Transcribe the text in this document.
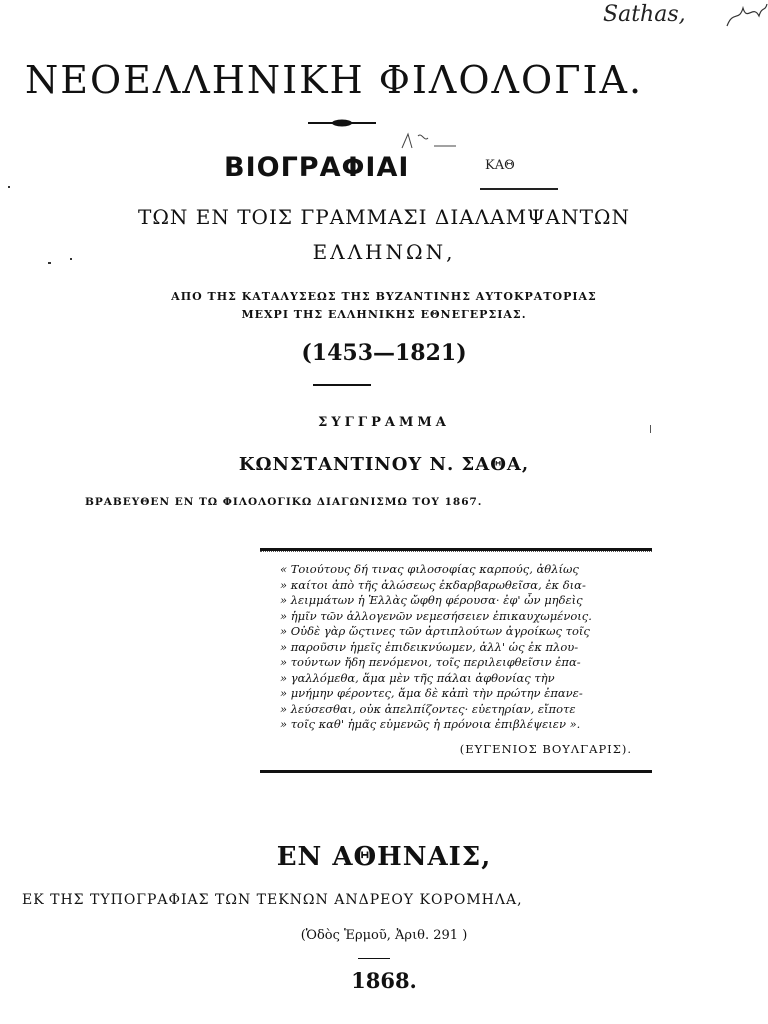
Sathas,
ΚΑΘ
ΝΕΟΕΛΛΗΝΙΚΗ ΦΙΛΟΛΟΓΙΑ.
ΒΙΟΓΡΑΦΙΑΙ
ΤΩΝ ΕΝ ΤΟΙΣ ΓΡΑΜΜΑΣΙ ΔΙΑΛΑΜΨΑΝΤΩΝ
ΕΛΛΗΝΩΝ,
ΑΠΟ ΤΗΣ ΚΑΤΑΛΥΣΕΩΣ ΤΗΣ ΒΥΖΑΝΤΙΝΗΣ ΑΥΤΟΚΡΑΤΟΡΙΑΣ
ΜΕΧΡΙ ΤΗΣ ΕΛΛΗΝΙΚΗΣ ΕΘΝΕΓΕΡΣΙΑΣ.
(1453—1821)
ΣΥΓΓΡΑΜΜΑ
ΚΩΝΣΤΑΝΤΙΝΟΥ Ν. ΣΑΘΑ,
ΒΡΑΒΕΥΘΕΝ ΕΝ ΤΩ ΦΙΛΟΛΟΓΙΚΩ ΔΙΑΓΩΝΙΣΜΩ ΤΟΥ 1867.
« Τοιούτους δή τινας φιλοσοφίας καρπούς, ἀθλίως
» καίτοι ἀπὸ τῆς ἁλώσεως ἐκδαρβαρωθεῖσα, ἐκ δια-
» λειμμάτων ἡ Ἑλλὰς ὤφθη φέρουσα· ἐφ' ὧν μηδεὶς
» ἡμῖν τῶν ἀλλογενῶν νεμεσήσειεν ἐπικαυχωμένοις.
» Οὐδὲ γὰρ ὥςτινες τῶν ἀρτιπλούτων ἀγροίκως τοῖς
» παροῦσιν ἡμεῖς ἐπιδεικνύωμεν, ἀλλ' ὡς ἐκ πλου-
» τούντων ἤδη πενόμενοι, τοῖς περιλειφθεῖσιν ἐπα-
» γαλλόμεθα, ἅμα μὲν τῆς πάλαι ἀφθονίας τὴν
» μνήμην φέροντες, ἅμα δὲ κἀπὶ τὴν πρώτην ἐπανε-
» λεύσεσθαι, οὐκ ἀπελπίζοντες· εὐετηρίαν, εἴποτε
» τοῖς καθ' ἡμᾶς εὐμενῶς ἡ πρόνοια ἐπιβλέψειεν ».
(ΕΥΓΕΝΙΟΣ ΒΟΥΛΓΑΡΙΣ).
ΕΝ ΑΘΗΝΑΙΣ,
ΕΚ ΤΗΣ ΤΥΠΟΓΡΑΦΙΑΣ ΤΩΝ ΤΕΚΝΩΝ ΑΝΔΡΕΟΥ ΚΟΡΟΜΗΛΑ,
(Ὁδὸς Ἑρμοῦ, Ἀριθ. 291 )
1868.
